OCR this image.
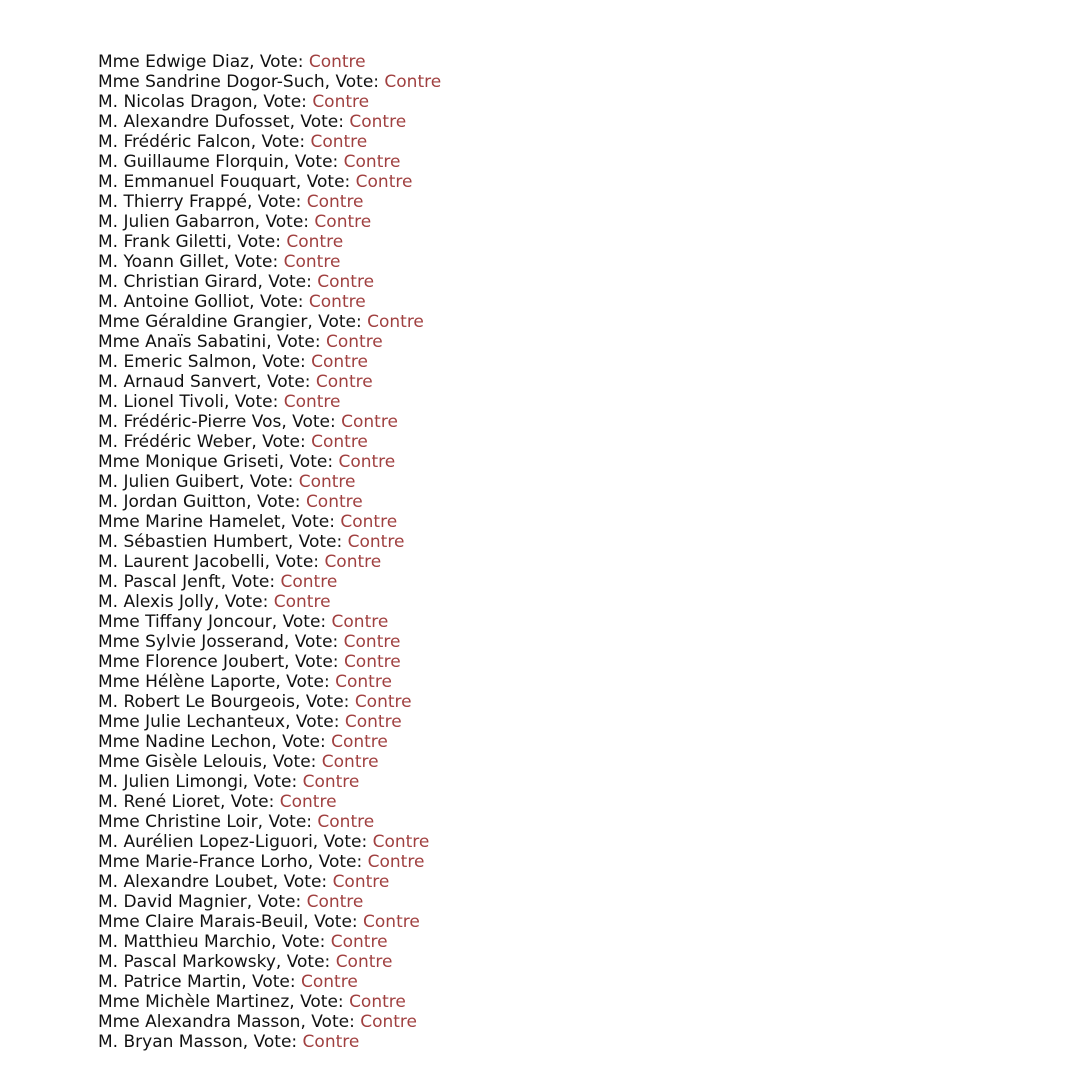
Mme Edwige Diaz, Vote: Contre
Mme Sandrine Dogor-Such, Vote: Contre
M. Nicolas Dragon, Vote: Contre
M. Alexandre Dufosset, Vote: Contre
M. Frédéric Falcon, Vote: Contre
M. Guillaume Florquin, Vote: Contre
M. Emmanuel Fouquart, Vote: Contre
M. Thierry Frappé, Vote: Contre
M. Julien Gabarron, Vote: Contre
M. Frank Giletti, Vote: Contre
M. Yoann Gillet, Vote: Contre
M. Christian Girard, Vote: Contre
M. Antoine Golliot, Vote: Contre
Mme Géraldine Grangier, Vote: Contre
Mme Anaïs Sabatini, Vote: Contre
M. Emeric Salmon, Vote: Contre
M. Arnaud Sanvert, Vote: Contre
M. Lionel Tivoli, Vote: Contre
M. Frédéric-Pierre Vos, Vote: Contre
M. Frédéric Weber, Vote: Contre
Mme Monique Griseti, Vote: Contre
M. Julien Guibert, Vote: Contre
M. Jordan Guitton, Vote: Contre
Mme Marine Hamelet, Vote: Contre
M. Sébastien Humbert, Vote: Contre
M. Laurent Jacobelli, Vote: Contre
M. Pascal Jenft, Vote: Contre
M. Alexis Jolly, Vote: Contre
Mme Tiffany Joncour, Vote: Contre
Mme Sylvie Josserand, Vote: Contre
Mme Florence Joubert, Vote: Contre
Mme Hélène Laporte, Vote: Contre
M. Robert Le Bourgeois, Vote: Contre
Mme Julie Lechanteux, Vote: Contre
Mme Nadine Lechon, Vote: Contre
Mme Gisèle Lelouis, Vote: Contre
M. Julien Limongi, Vote: Contre
M. René Lioret, Vote: Contre
Mme Christine Loir, Vote: Contre
M. Aurélien Lopez-Liguori, Vote: Contre
Mme Marie-France Lorho, Vote: Contre
M. Alexandre Loubet, Vote: Contre
M. David Magnier, Vote: Contre
Mme Claire Marais-Beuil, Vote: Contre
M. Matthieu Marchio, Vote: Contre
M. Pascal Markowsky, Vote: Contre
M. Patrice Martin, Vote: Contre
Mme Michèle Martinez, Vote: Contre
Mme Alexandra Masson, Vote: Contre
M. Bryan Masson, Vote: Contre
